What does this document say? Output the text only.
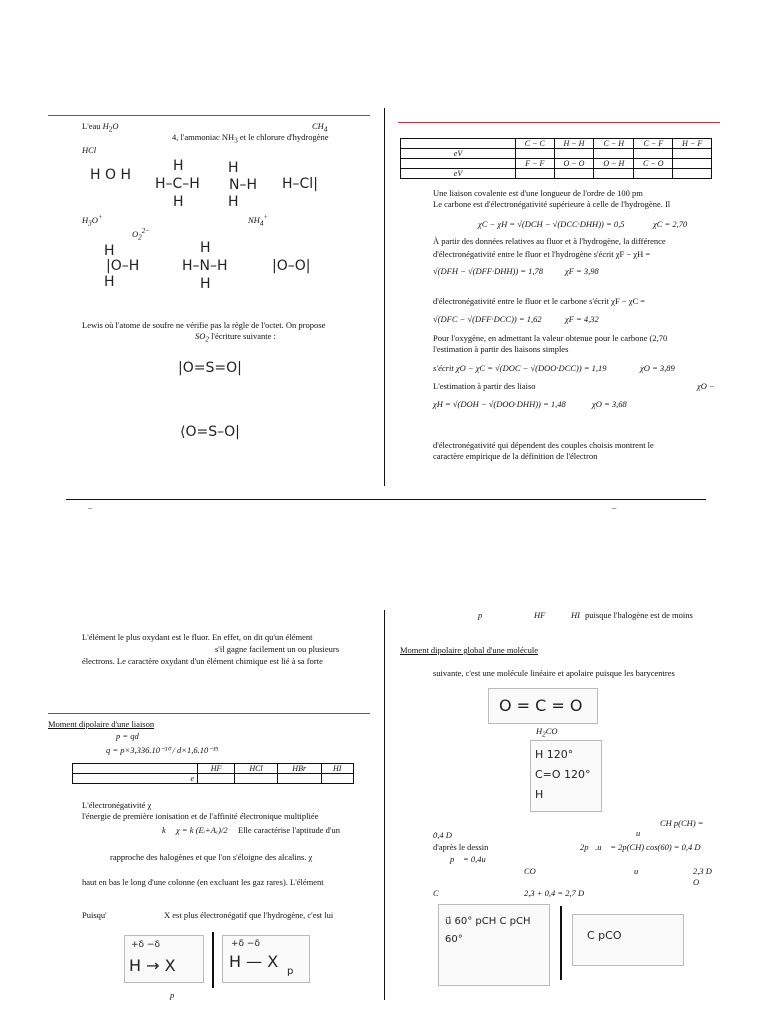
L'eau $H_2O$	$CH_4$
4, l'ammoniac $NH_3$ et le chlorure d'hydrogène
HCl
H O H
H
H–C–H
H
H
N–H
H
H–Cl|
$H_3O^+$	$NH_4^+$
$O_2^{2-}$
H
|O–H
H
H
H–N–H
H
|O–O|
Lewis où l'atome de soufre ne vérifie pas la règle de l'octet. On propose
$SO_2$ l'écriture suivante :
|O=S=O|
⟨O=S–O|
	C − C	H − H	C − H	C − F	H − F
eV					
	F − F	O − O	O − H	C − O	
eV					
Une liaison covalente est d'une longueur de l'ordre de 100 pm
Le carbone est d'électronégativité supérieure à celle de l'hydrogène. Il
χC − χH = √(DCH − √(DCC·DHH)) = 0,5	χC = 2,70
À partir des données relatives au fluor et à l'hydrogène, la différence
d'électronégativité entre le fluor et l'hydrogène s'écrit χF − χH =
√(DFH − √(DFF·DHH)) = 1,78	χF = 3,98
d'électronégativité entre le fluor et le carbone s'écrit χF − χC =
√(DFC − √(DFF·DCC)) = 1,62	χF = 4,32
Pour l'oxygène, en admettant la valeur obtenue pour le carbone (2,70
l'estimation à partir des liaisons simples
s'écrit χO − χC = √(DOC − √(DOO·DCC)) = 1,19	χO = 3,89
L'estimation à partir des liaiso	χO −
χH = √(DOH − √(DOO·DHH)) = 1,48	χO = 3,68
d'électronégativité qui dépendent des couples choisis montrent le
caractère empirique de la définition de l'électron
–	–
L'élément le plus oxydant est le fluor. En effet, on dit qu'un élément
s'il gagne facilement un ou plusieurs
électrons. Le caractère oxydant d'un élément chimique est lié à sa forte
Moment dipolaire d'une liaison
p = qd
q = p×3,336.10⁻³⁰ / d×1,6.10⁻¹⁹
	HF	HCl	HBr	HI
e				
L'électronégativité χ
l'énergie de première ionisation et de l'affinité électronique multipliée
k χ = k (Eᵢ+Aₑ)/2 Elle caractérise l'aptitude d'un
rapproche des halogènes et que l'on s'éloigne des alcalins. χ
haut en bas le long d'une colonne (en excluant les gaz rares). L'élément
Puisqu'	X est plus électronégatif que l'hydrogène, c'est lui
+δ −δ
H → X
+δ −δ
H — X
p
p⃗
p	HF	HI puisque l'halogène est de moins
Moment dipolaire global d'une molécule
suivante, c'est une molécule linéaire et apolaire puisque les barycentres
O = C = O
$H_2CO$
H 120° C=O 120° H
CH p(CH) =
0,4 D	u⃗
d'après le dessin	2p⃗.u⃗ = 2p(CH) cos(60) = 0,4 D
p⃗ = 0,4u⃗
CO	u⃗	2,3 D
O
C	2,3 + 0,4 = 2,7 D
u⃗ 60° pCH C pCH 60°	C pCO
